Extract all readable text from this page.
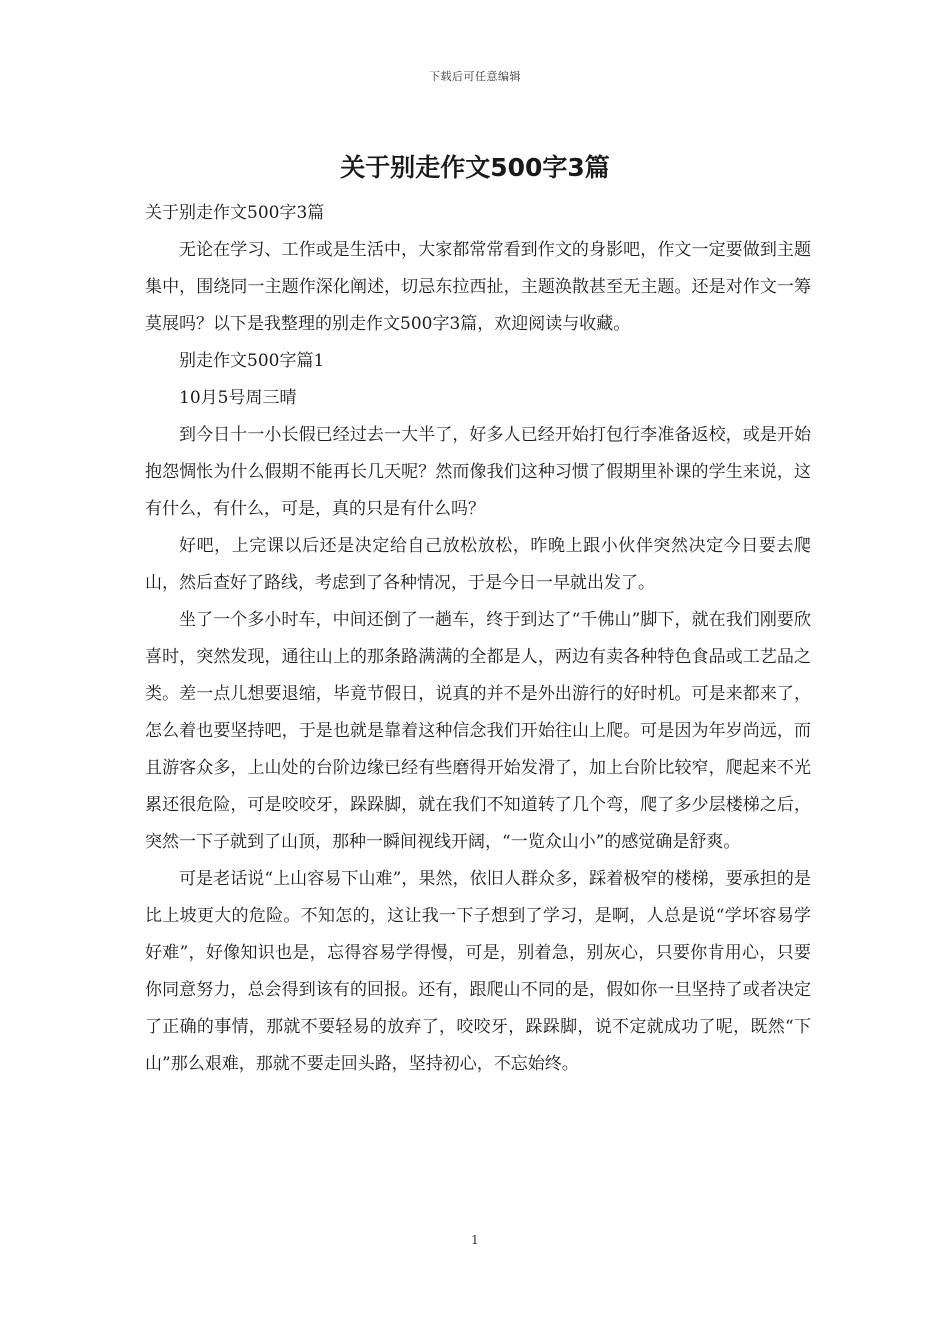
下载后可任意编辑
关于别走作文500字3篇

关于别走作文500字3篇

无论在学习、工作或是生活中，大家都常常看到作文的身影吧，作文一定要做到主题集中，围绕同一主题作深化阐述，切忌东拉西扯，主题涣散甚至无主题。还是对作文一筹莫展吗？以下是我整理的别走作文500字3篇，欢迎阅读与收藏。

别走作文500字篇1

10月5号周三晴

到今日十一小长假已经过去一大半了，好多人已经开始打包行李准备返校，或是开始抱怨惆怅为什么假期不能再长几天呢？然而像我们这种习惯了假期里补课的学生来说，这有什么，有什么，可是，真的只是有什么吗？

好吧，上完课以后还是决定给自己放松放松，昨晚上跟小伙伴突然决定今日要去爬山，然后查好了路线，考虑到了各种情况，于是今日一早就出发了。

坐了一个多小时车，中间还倒了一趟车，终于到达了“千佛山”脚下，就在我们刚要欣喜时，突然发现，通往山上的那条路满满的全都是人，两边有卖各种特色食品或工艺品之类。差一点儿想要退缩，毕竟节假日，说真的并不是外出游行的好时机。可是来都来了，怎么着也要坚持吧，于是也就是靠着这种信念我们开始往山上爬。可是因为年岁尚远，而且游客众多，上山处的台阶边缘已经有些磨得开始发滑了，加上台阶比较窄，爬起来不光累还很危险，可是咬咬牙，跺跺脚，就在我们不知道转了几个弯，爬了多少层楼梯之后，突然一下子就到了山顶，那种一瞬间视线开阔，“一览众山小”的感觉确是舒爽。

可是老话说“上山容易下山难”，果然，依旧人群众多，踩着极窄的楼梯，要承担的是比上坡更大的危险。不知怎的，这让我一下子想到了学习，是啊，人总是说“学坏容易学好难”，好像知识也是，忘得容易学得慢，可是，别着急，别灰心，只要你肯用心，只要你同意努力，总会得到该有的回报。还有，跟爬山不同的是，假如你一旦坚持了或者决定了正确的事情，那就不要轻易的放弃了，咬咬牙，跺跺脚，说不定就成功了呢，既然“下山”那么艰难，那就不要走回头路，坚持初心，不忘始终。

1
